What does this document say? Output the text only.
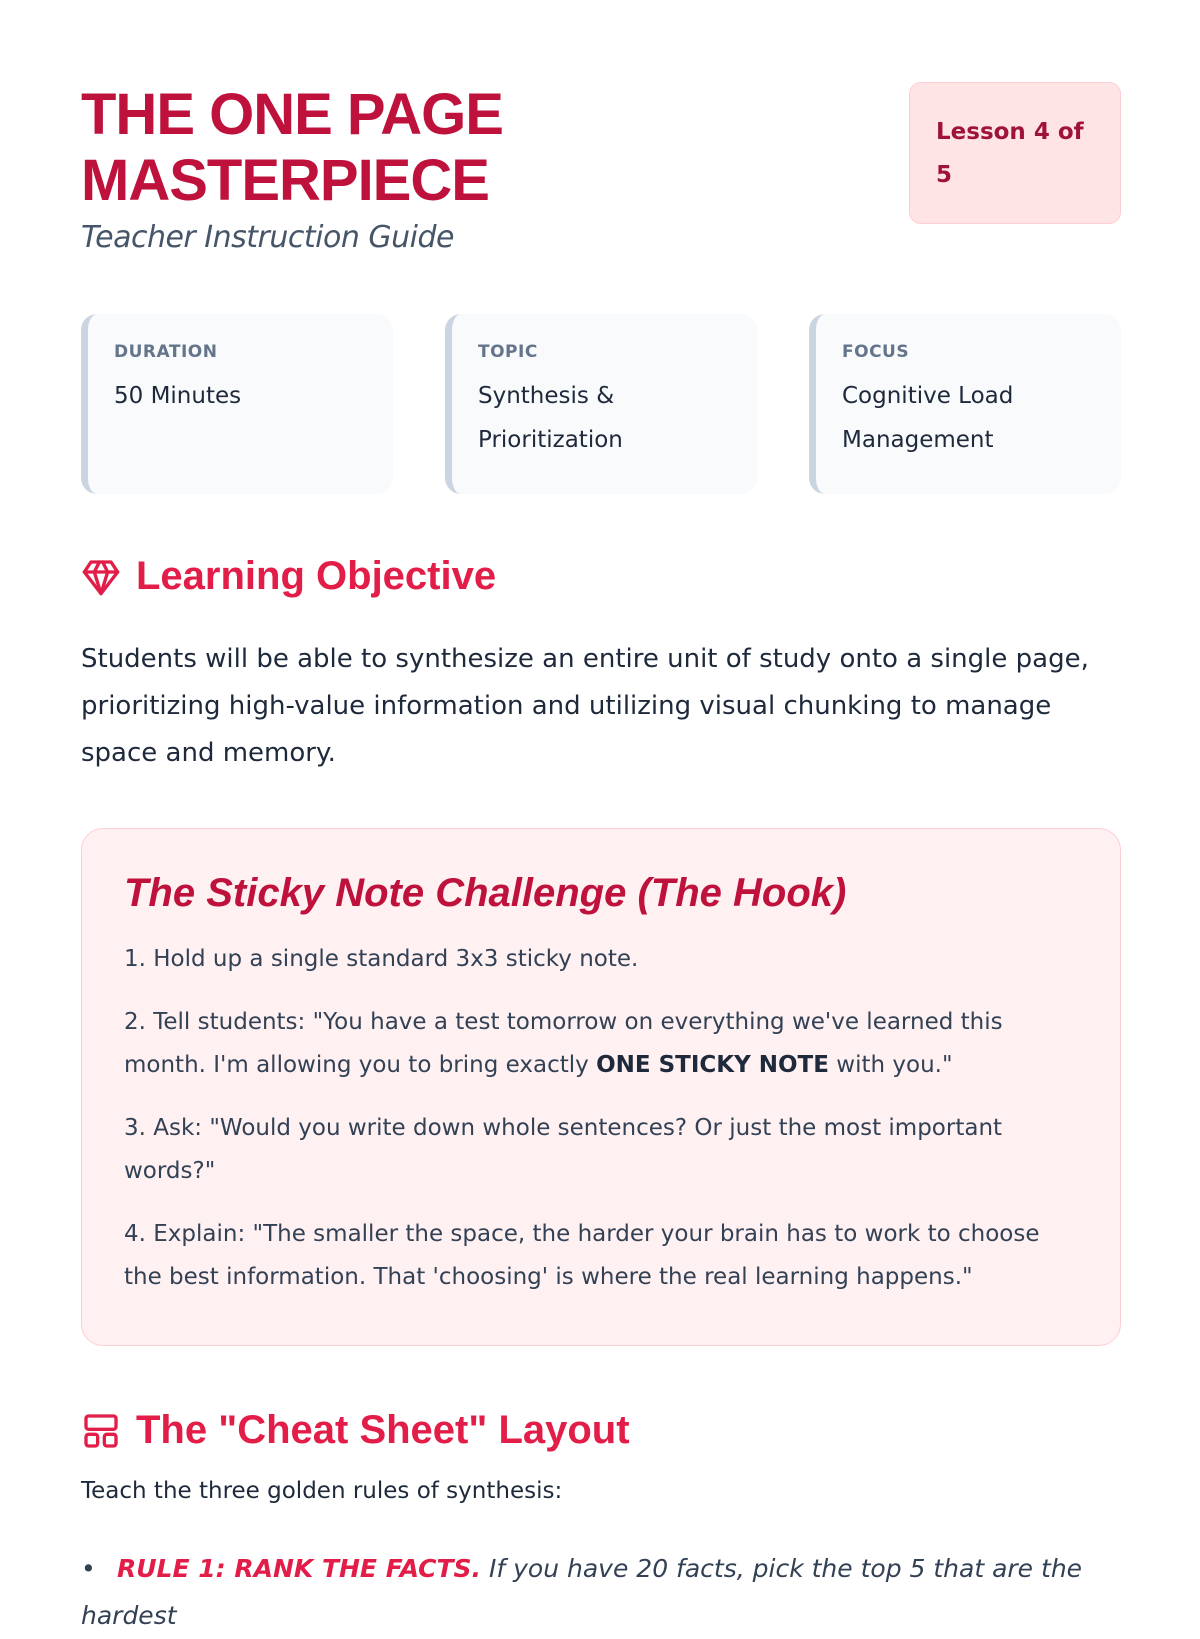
THE ONE PAGE
MASTERPIECE
Teacher Instruction Guide
Lesson 4 of
5
DURATION
50 Minutes
TOPIC
Synthesis &
Prioritization
FOCUS
Cognitive Load
Management
Learning Objective

Students will be able to synthesize an entire unit of study onto a single page, prioritizing high-value information and utilizing visual chunking to manage space and memory.

The Sticky Note Challenge (The Hook)

1. Hold up a single standard 3x3 sticky note.

2. Tell students: "You have a test tomorrow on everything we've learned this month. I'm allowing you to bring exactly ONE STICKY NOTE with you."

3. Ask: "Would you write down whole sentences? Or just the most important words?"

4. Explain: "The smaller the space, the harder your brain has to work to choose the best information. That 'choosing' is where the real learning happens."

The "Cheat Sheet" Layout

Teach the three golden rules of synthesis:

• RULE 1: RANK THE FACTS. If you have 20 facts, pick the top 5 that are the hardest
